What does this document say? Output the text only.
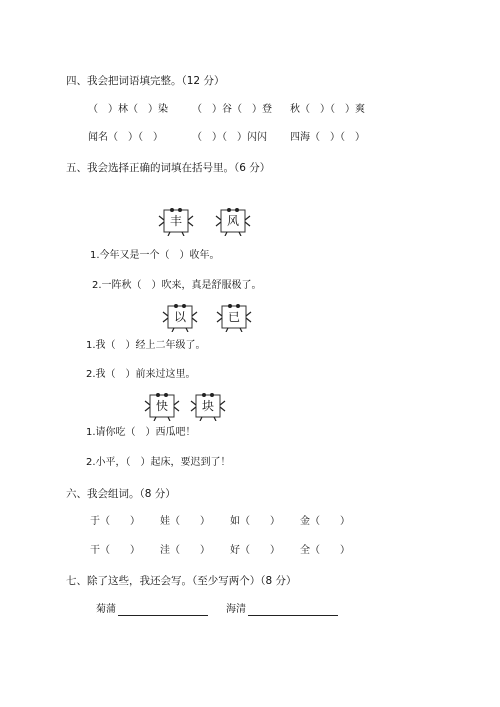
四、我会把词语填完整。（12 分）
（　）林（　）染 （　）谷（　）登 秋（　）（　）爽
闻名（　）（　）	（　）（　）闪闪 四海（　）（　）
五、我会选择正确的词填在括号里。（6 分）
丰	风
1.今年又是一个（　）收年。
2.一阵秋（　）吹来，真是舒服极了。
以	已
1.我（　）经上二年级了。
2.我（　）前来过这里。
快	块
1.请你吃（　）西瓜吧！
2.小平，（　）起床，要迟到了！
六、我会组词。（8 分）
于（　　） 娃（　　） 如（　　） 金（　　）
干（　　） 洼（　　） 好（　　） 全（　　）
七、除了这些，我还会写。（至少写两个）（8 分）
菊蒲	海清
